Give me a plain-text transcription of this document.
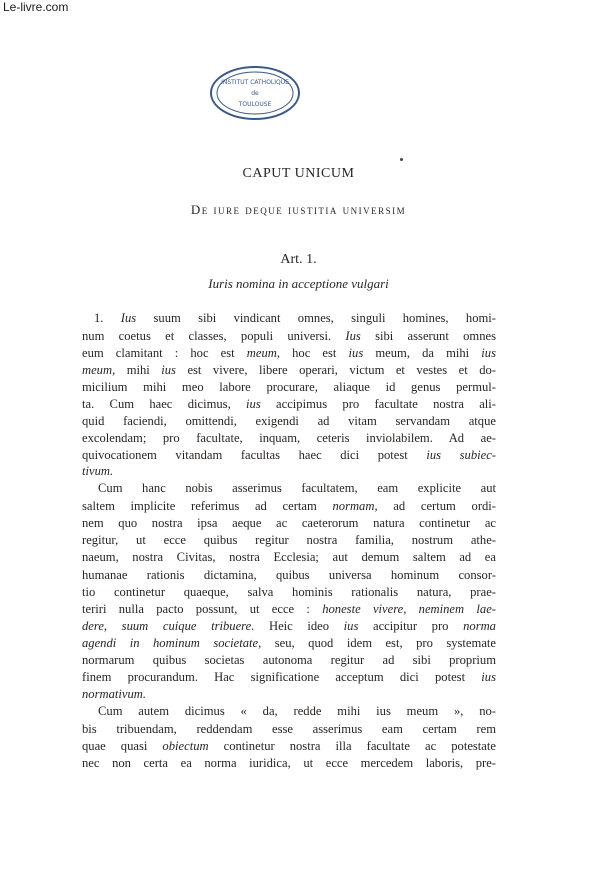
Le-livre.com
INSTITUT CATHOLIQUE
de
TOULOUSE
CAPUT UNICUM
De iure deque iustitia universim
Art. 1.
Iuris nomina in acceptione vulgari
1. Ius suum sibi vindicant omnes, singuli homines, homi-
num coetus et classes, populi universi. Ius sibi asserunt omnes
eum clamitant : hoc est meum, hoc est ius meum, da mihi ius
meum, mihi ius est vivere, libere operari, victum et vestes et do-
micilium mihi meo labore procurare, aliaque id genus permul-
ta. Cum haec dicimus, ius accipimus pro facultate nostra ali-
quid faciendi, omittendi, exigendi ad vitam servandam atque
excolendam; pro facultate, inquam, ceteris inviolabilem. Ad ae-
quivocationem vitandam facultas haec dici potest ius subiec-
tivum.
Cum hanc nobis asserimus facultatem, eam explicite aut
saltem implicite referimus ad certam normam, ad certum ordi-
nem quo nostra ipsa aeque ac caeterorum natura continetur ac
regitur, ut ecce quibus regitur nostra familia, nostrum athe-
naeum, nostra Civitas, nostra Ecclesia; aut demum saltem ad ea
humanae rationis dictamina, quibus universa hominum consor-
tio continetur quaeque, salva hominis rationalis natura, prae-
teriri nulla pacto possunt, ut ecce : honeste vivere, neminem lae-
dere, suum cuique tribuere. Heic ideo ius accipitur pro norma
agendi in hominum societate, seu, quod idem est, pro systemate
normarum quibus societas autonoma regitur ad sibi proprium
finem procurandum. Hac significatione acceptum dici potest ius
normativum.
Cum autem dicimus « da, redde mihi ius meum », no-
bis tribuendam, reddendam esse asserimus eam certam rem
quae quasi obiectum continetur nostra illa facultate ac potestate
nec non certa ea norma iuridica, ut ecce mercedem laboris, pre-
